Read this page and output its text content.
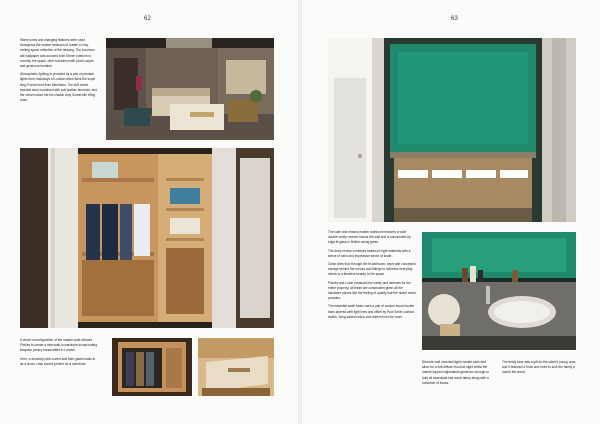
62

Warm tones and changing features were used throughout the master bedroom to create a cosy, inviting space reflective of the relaxing. The luxurious silk wallpaper was sourced from Sheen Interiors to envelop the space, here combined with plush carpet and generous furniture.

Atmospheric lighting is provided by a pair of pendant lights from Holloways of Ludlow which flank the super king Truman bed from Meridians. The soft velvet bedside stool combined with soft leather armchair, and the velvet colour set the classic Amy Somerville Wing chair.

A clever reconfiguration of the master suite allowed Pickles to create a new walk-in wardrobe incorporating bespoke joinery handcrafted in London.

Here, a dressing robe covers and then glazed walk-in as a clean, crisp accent perfect for a wardrobe.

63

The calm and relaxed master bathroom features a wide double vanity reverse shows the wall and is surrounded by edge lit glass in British racing green.

The deep recess combines bathroom light materials with a sense of calm and impressive sense of scale.

Clean lines flow through the fit bathroom, each with concealed storage behind the mirrors and fittings to minimise everyday needs to a timeless beauty to the space.

Pickles and Lume produced the vanity and cabinets for the entire property, all these are constructed given all the hardware pieces like the feeling of quality that the nickel metal provides.

The essential wash basin uses a pair of custom stood double bank layered with light lines and offset by Paul Smith cushion switch, bring added colour and interest into the room.

Discrete wall mounted lights beside each bed allow for a soft diffuse mood at night whilst the marble topped nightstands generous enough to hold all essentials has some damp along with a collection of books.

The teddy bear was a gift for the client's young ones and it featured a Sock and more to love the family a month the world.
